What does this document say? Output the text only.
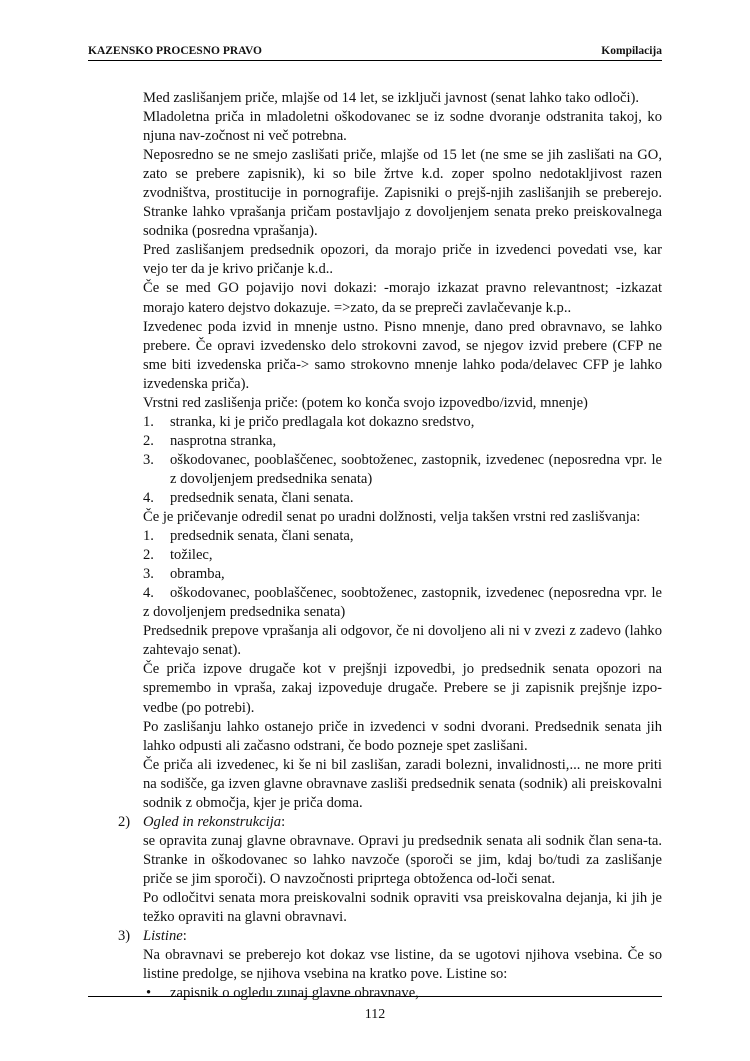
KAZENSKO PROCESNO PRAVO	Kompilacija

Med zaslišanjem priče, mlajše od 14 let, se izključi javnost (senat lahko tako odloči).

Mladoletna priča in mladoletni oškodovanec se iz sodne dvoranje odstranita takoj, ko njuna nav-zočnost ni več potrebna.

Neposredno se ne smejo zaslišati priče, mlajše od 15 let (ne sme se jih zaslišati na GO, zato se prebere zapisnik), ki so bile žrtve k.d. zoper spolno nedotakljivost razen zvodništva, prostitucije in pornografije. Zapisniki o prejš-njih zaslišanjih se preberejo. Stranke lahko vprašanja pričam postavljajo z dovoljenjem senata preko preiskovalnega sodnika (posredna vprašanja).

Pred zaslišanjem predsednik opozori, da morajo priče in izvedenci povedati vse, kar vejo ter da je krivo pričanje k.d..

Če se med GO pojavijo novi dokazi: -morajo izkazat pravno relevantnost; -izkazat morajo katero dejstvo dokazuje. =>zato, da se prepreči zavlačevanje k.p..

Izvedenec poda izvid in mnenje ustno. Pisno mnenje, dano pred obravnavo, se lahko prebere. Če opravi izvedensko delo strokovni zavod, se njegov izvid prebere (CFP ne sme biti izvedenska priča-> samo strokovno mnenje lahko poda/delavec CFP je lahko izvedenska priča).

Vrstni red zaslišenja priče: (potem ko konča svojo izpovedbo/izvid, mnenje)

1. stranka, ki je pričo predlagala kot dokazno sredstvo,
2. nasprotna stranka,
3. oškodovanec, pooblaščenec, soobtoženec, zastopnik, izvedenec (neposredna vpr. le z dovoljenjem predsednika senata)
4. predsednik senata, člani senata.

Če je pričevanje odredil senat po uradni dolžnosti, velja takšen vrstni red zaslišvanja:

1. predsednik senata, člani senata,
2. tožilec,
3. obramba,
4. oškodovanec, pooblaščenec, soobtoženec, zastopnik, izvedenec (neposredna vpr. le z dovoljenjem predsednika senata)

Predsednik prepove vprašanja ali odgovor, če ni dovoljeno ali ni v zvezi z zadevo (lahko zahtevajo senat).

Če priča izpove drugače kot v prejšnji izpovedbi, jo predsednik senata opozori na spremembo in vpraša, zakaj izpoveduje drugače. Prebere se ji zapisnik prejšnje izpo-vedbe (po potrebi).

Po zaslišanju lahko ostanejo priče in izvedenci v sodni dvorani. Predsednik senata jih lahko odpusti ali začasno odstrani, če bodo pozneje spet zaslišani.

Če priča ali izvedenec, ki še ni bil zaslišan, zaradi bolezni, invalidnosti,... ne more priti na sodišče, ga izven glavne obravnave zasliši predsednik senata (sodnik) ali preiskovalni sodnik z območja, kjer je priča doma.

2) Ogled in rekonstrukcija:

se opravita zunaj glavne obravnave. Opravi ju predsednik senata ali sodnik član sena-ta. Stranke in oškodovanec so lahko navzoče (sporoči se jim, kdaj bo/tudi za zaslišanje priče se jim sporoči). O navzočnosti priprtega obtoženca od-loči senat.

Po odločitvi senata mora preiskovalni sodnik opraviti vsa preiskovalna dejanja, ki jih je težko opraviti na glavni obravnavi.

3) Listine:

Na obravnavi se preberejo kot dokaz vse listine, da se ugotovi njihova vsebina. Če so listine predolge, se njihova vsebina na kratko pove. Listine so:

• zapisnik o ogledu zunaj glavne obravnave,
112
